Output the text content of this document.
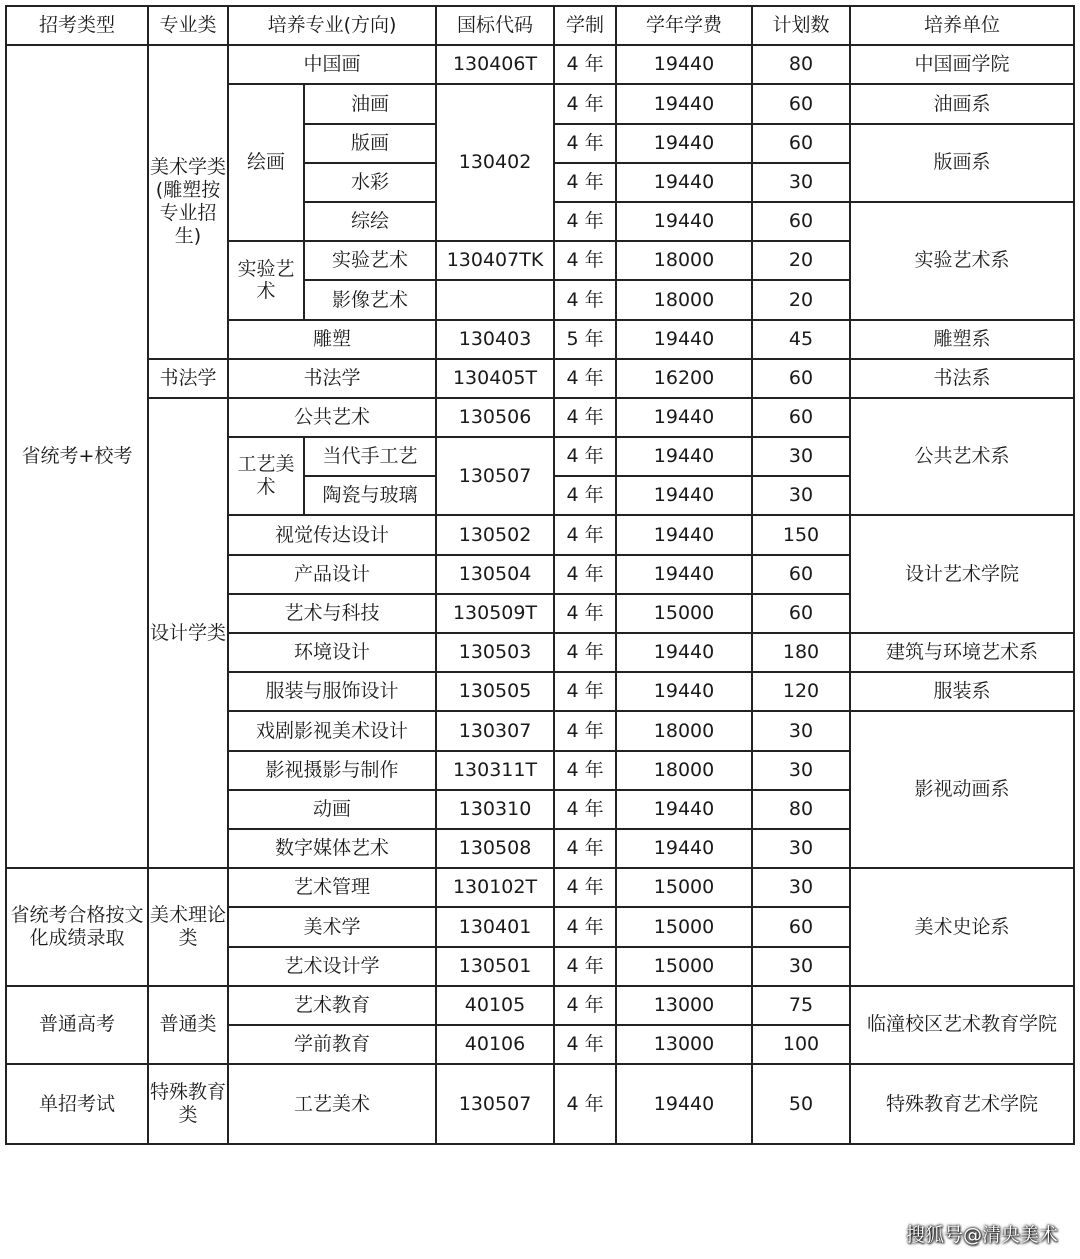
招考类型	专业类	培养专业(方向)		国标代码	学制	学年学费	计划数	培养单位
省统考+校考	美术学类(雕塑按专业招生)	中国画		130406T	4 年	19440	80	中国画学院
		绘画	油画	130402	4 年	19440	60	油画系
			版画		4 年	19440	60	版画系
			水彩		4 年	19440	30	
			综绘		4 年	19440	60	实验艺术系
		实验艺术	实验艺术	130407TK	4 年	18000	20	
			影像艺术		4 年	18000	20	
		雕塑		130403	5 年	19440	45	雕塑系
	书法学	书法学		130405T	4 年	16200	60	书法系
	设计学类	公共艺术		130506	4 年	19440	60	公共艺术系
		工艺美术	当代手工艺	130507	4 年	19440	30	
			陶瓷与玻璃		4 年	19440	30	
		视觉传达设计		130502	4 年	19440	150	设计艺术学院
		产品设计		130504	4 年	19440	60	
		艺术与科技		130509T	4 年	15000	60	
		环境设计		130503	4 年	19440	180	建筑与环境艺术系
		服装与服饰设计		130505	4 年	19440	120	服装系
		戏剧影视美术设计		130307	4 年	18000	30	影视动画系
		影视摄影与制作		130311T	4 年	18000	30	
		动画		130310	4 年	19440	80	
		数字媒体艺术		130508	4 年	19440	30	
省统考合格按文化成绩录取	美术理论类	艺术管理		130102T	4 年	15000	30	美术史论系
		美术学		130401	4 年	15000	60	
		艺术设计学		130501	4 年	15000	30	
普通高考	普通类	艺术教育		40105	4 年	13000	75	临潼校区艺术教育学院
		学前教育		40106	4 年	13000	100	
单招考试	特殊教育类	工艺美术		130507	4 年	19440	50	特殊教育艺术学院
搜狐号@清央美术
